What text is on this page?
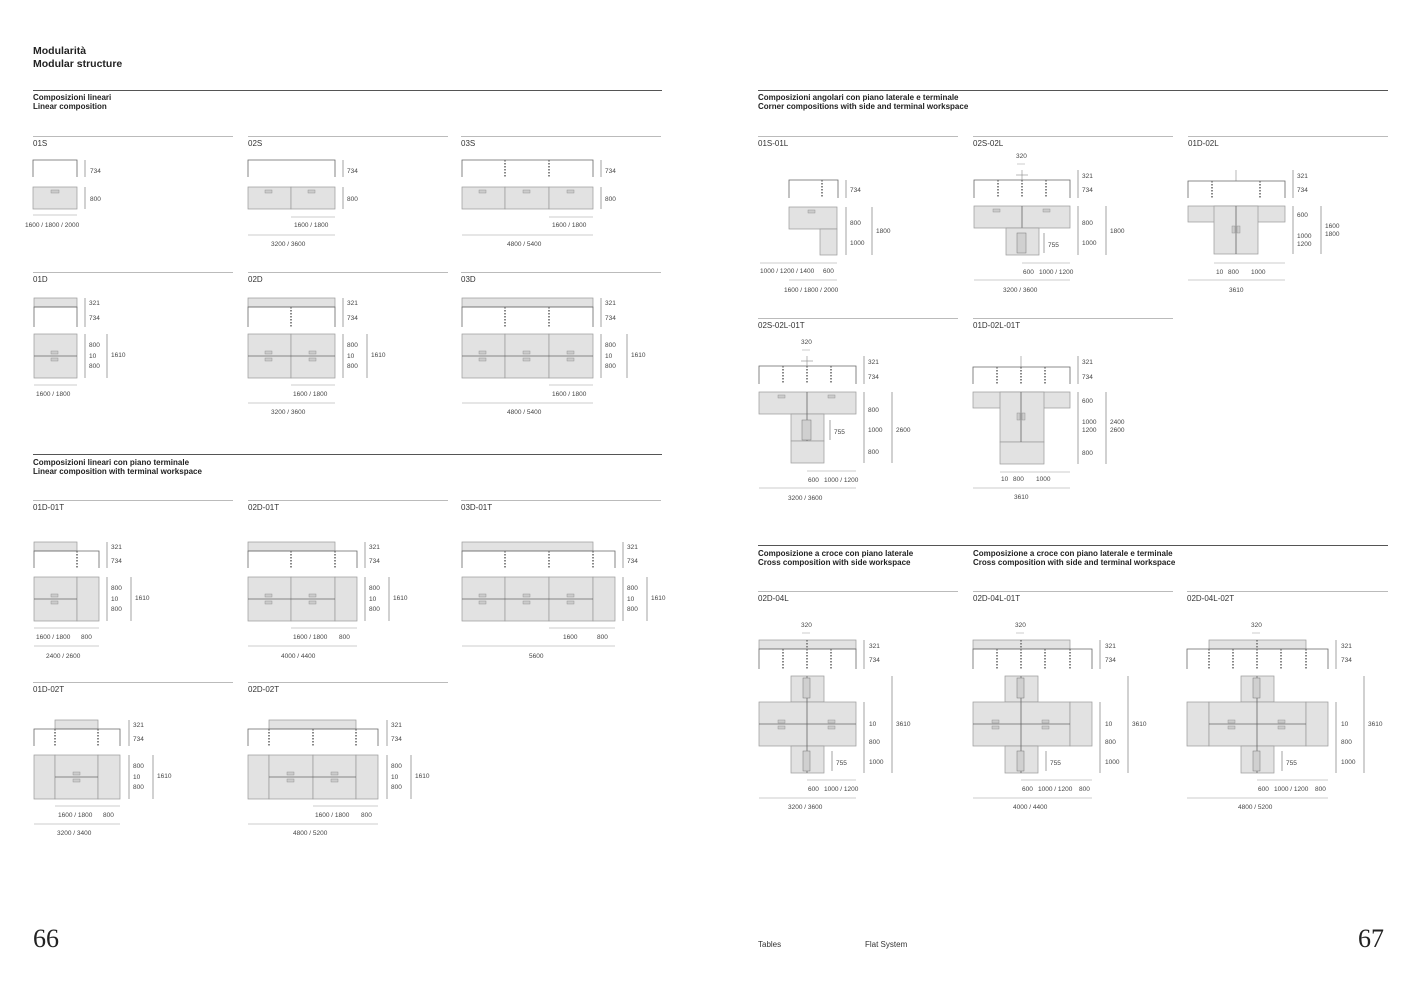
Modularità
Modular structure
Composizioni lineari
Linear composition
Composizioni lineari con piano terminale
Linear composition with terminal workspace
Composizioni angolari con piano laterale e terminale
Corner compositions with side and terminal workspace
Composizione a croce con piano laterale
Cross composition with side workspace
Composizione a croce con piano laterale e terminale
Cross composition with side and terminal workspace
01S
734
800
1600 / 1800 / 2000
02S
734
800
1600 / 1800
3200 / 3600
03S
734
800
1600 / 1800
4800 / 5400
01D
321
734
800
10
800
1610
1600 / 1800
02D
321
734
800
10
800
1610
1600 / 1800
3200 / 3600
03D
321
734
800
10
800
1610
1600 / 1800
4800 / 5400
01D-01T
321
734
800
10
800
1610
1600 / 1800 800
2400 / 2600
02D-01T
321
734
800
10
800
1610
1600 / 1800 800
4000 / 4400
03D-01T
321
734
800
10
800
1610
1600	800
5600
01D-02T
321
734
800
10
800
1610
1600 / 1800 800
3200 / 3400
02D-02T
321
734
800
10
800
1610
1600 / 1800 800
4800 / 5200
01S-01L
734
800
1000
1800
1000 / 1200 / 1400 600
1600 / 1800 / 2000
02S-02L
320
321
734
800
1000
1800
755
600 1000 / 1200
3200 / 3600
01D-02L
321
734
600
1000
1200
1600
1800
10 800 1000
3610
02S-02L-01T
320
321
734
800
1000
800
2600
755
600 1000 / 1200
3200 / 3600
01D-02L-01T
321
734
600
1000
1200
800
2400
2600
10 800 1000
3610
02D-04L
320
321
734
10
800
1000
3610
755
600 1000 / 1200
3200 / 3600
02D-04L-01T
320
321
734
10
800
1000
3610
755
600 1000 / 1200 800
4000 / 4400
02D-04L-02T
320
321
734
10
800
1000
3610
755
600 1000 / 1200 800
4800 / 5200
66	67
Tables	Flat System
